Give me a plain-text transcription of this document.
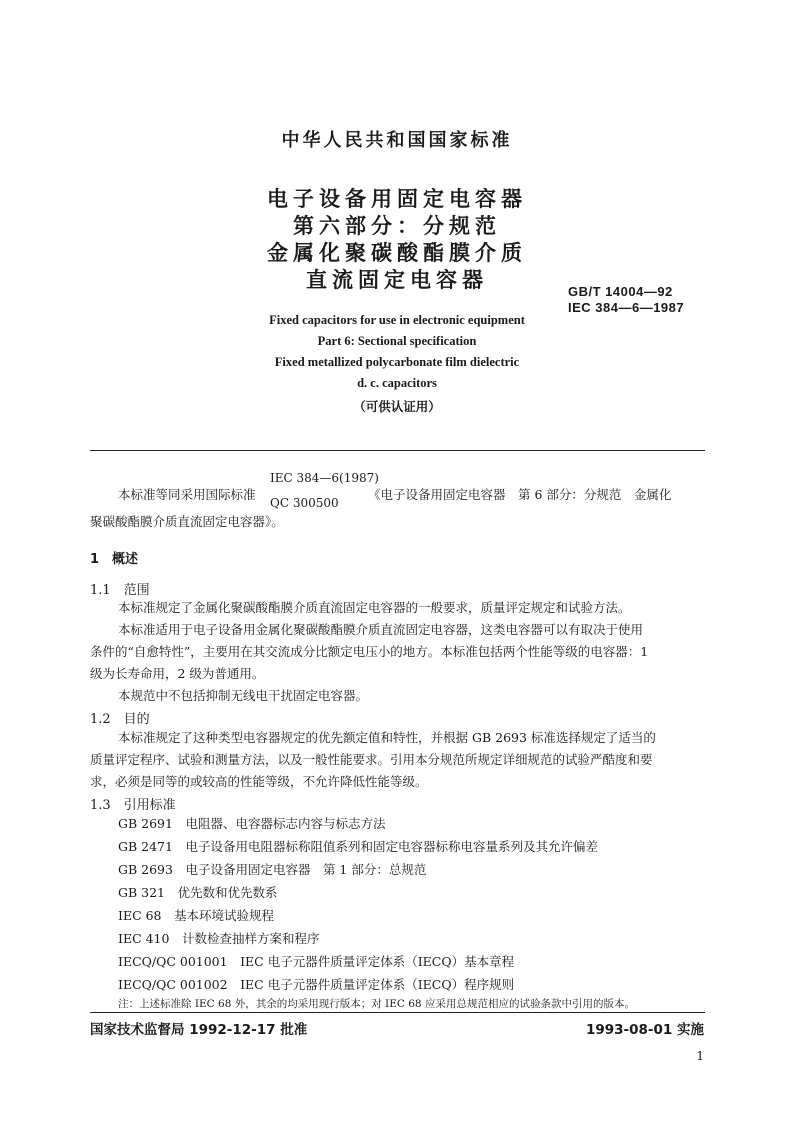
中华人民共和国国家标准
电子设备用固定电容器
第六部分：分规范
金属化聚碳酸酯膜介质
直流固定电容器	GB/T 14004—92
IEC 384—6—1987
Fixed capacitors for use in electronic equipment
Part 6: Sectional specification
Fixed metallized polycarbonate film dielectric
d. c. capacitors
（可供认证用）
本标准等同采用国际标准
IEC 384—6(1987)
QC 300500
《电子设备用固定电容器　第 6 部分：分规范　金属化
聚碳酸酯膜介质直流固定电容器》。
1　概述
1.1　范围
本标准规定了金属化聚碳酸酯膜介质直流固定电容器的一般要求，质量评定规定和试验方法。
本标准适用于电子设备用金属化聚碳酸酯膜介质直流固定电容器，这类电容器可以有取决于使用
条件的“自愈特性”，主要用在其交流成分比额定电压小的地方。本标准包括两个性能等级的电容器：1
级为长寿命用，2 级为普通用。
本规范中不包括抑制无线电干扰固定电容器。
1.2　目的
本标准规定了这种类型电容器规定的优先额定值和特性，并根据 GB 2693 标准选择规定了适当的
质量评定程序、试验和测量方法，以及一般性能要求。引用本分规范所规定详细规范的试验严酷度和要
求，必须是同等的或较高的性能等级，不允许降低性能等级。
1.3　引用标准
GB 2691　电阻器、电容器标志内容与标志方法
GB 2471　电子设备用电阻器标称阻值系列和固定电容器标称电容量系列及其允许偏差
GB 2693　电子设备用固定电容器　第 1 部分：总规范
GB 321　优先数和优先数系
IEC 68　基本环境试验规程
IEC 410　计数检查抽样方案和程序
IECQ/QC 001001　IEC 电子元器件质量评定体系（IECQ）基本章程
IECQ/QC 001002　IEC 电子元器件质量评定体系（IECQ）程序规则
注：上述标准除 IEC 68 外，其余的均采用现行版本；对 IEC 68 应采用总规范相应的试验条款中引用的版本。
国家技术监督局 1992-12-17 批准	1993-08-01 实施
1
